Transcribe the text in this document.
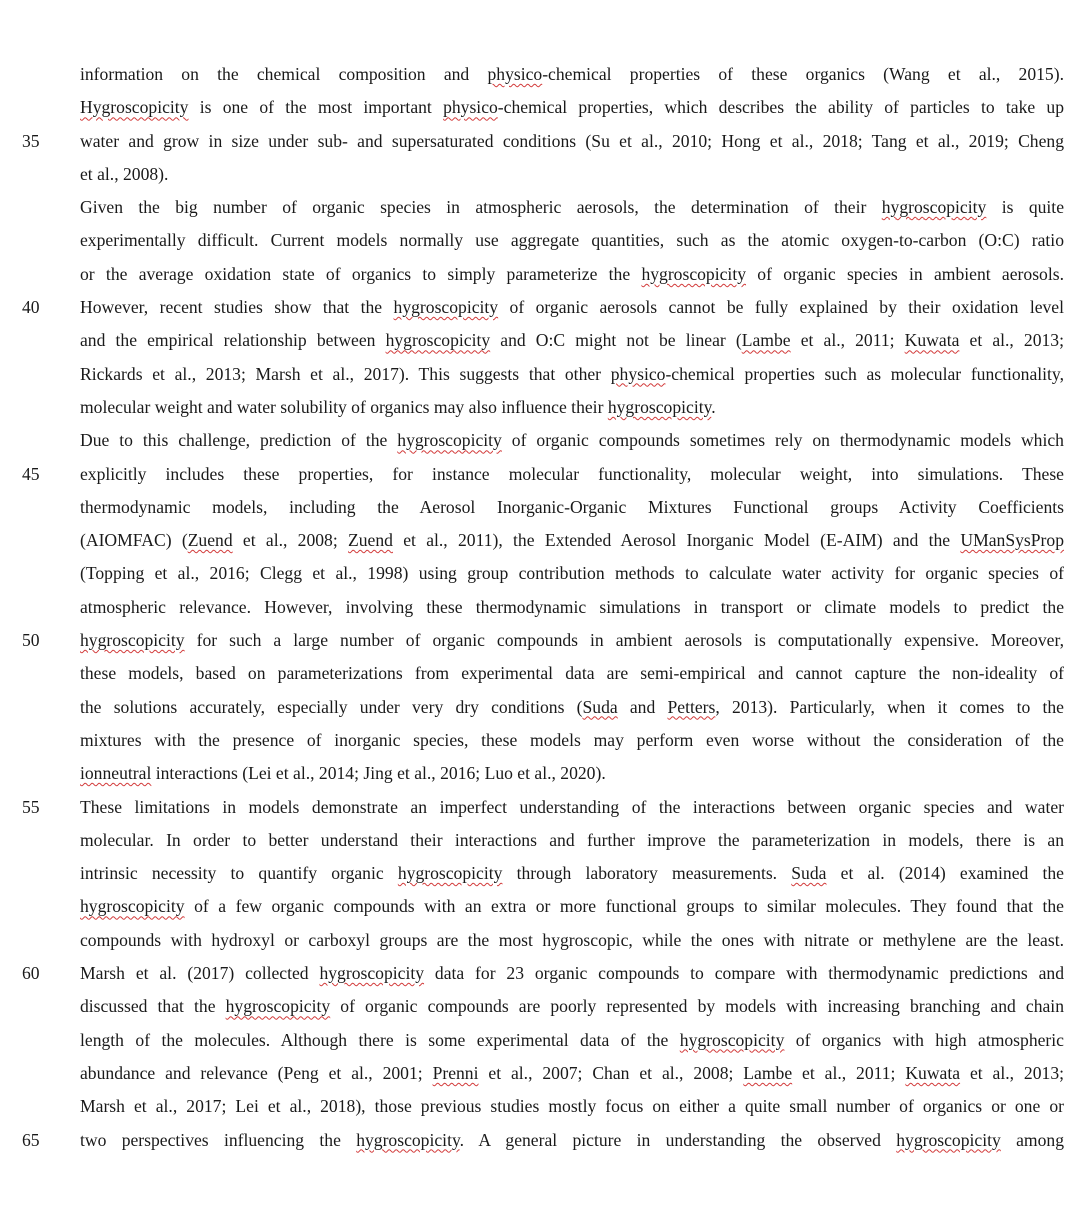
information on the chemical composition and physico-chemical properties of these organics (Wang et al., 2015).
Hygroscopicity is one of the most important physico-chemical properties, which describes the ability of particles to take up
35	water and grow in size under sub- and supersaturated conditions (Su et al., 2010; Hong et al., 2018; Tang et al., 2019; Cheng
et al., 2008).
Given the big number of organic species in atmospheric aerosols, the determination of their hygroscopicity is quite
experimentally difficult. Current models normally use aggregate quantities, such as the atomic oxygen-to-carbon (O:C) ratio
or the average oxidation state of organics to simply parameterize the hygroscopicity of organic species in ambient aerosols.
40	However, recent studies show that the hygroscopicity of organic aerosols cannot be fully explained by their oxidation level
and the empirical relationship between hygroscopicity and O:C might not be linear (Lambe et al., 2011; Kuwata et al., 2013;
Rickards et al., 2013; Marsh et al., 2017). This suggests that other physico-chemical properties such as molecular functionality,
molecular weight and water solubility of organics may also influence their hygroscopicity.
Due to this challenge, prediction of the hygroscopicity of organic compounds sometimes rely on thermodynamic models which
45	explicitly includes these properties, for instance molecular functionality, molecular weight, into simulations. These
thermodynamic models, including the Aerosol Inorganic-Organic Mixtures Functional groups Activity Coefficients
(AIOMFAC) (Zuend et al., 2008; Zuend et al., 2011), the Extended Aerosol Inorganic Model (E-AIM) and the UManSysProp
(Topping et al., 2016; Clegg et al., 1998) using group contribution methods to calculate water activity for organic species of
atmospheric relevance. However, involving these thermodynamic simulations in transport or climate models to predict the
50	hygroscopicity for such a large number of organic compounds in ambient aerosols is computationally expensive. Moreover,
these models, based on parameterizations from experimental data are semi-empirical and cannot capture the non-ideality of
the solutions accurately, especially under very dry conditions (Suda and Petters, 2013). Particularly, when it comes to the
mixtures with the presence of inorganic species, these models may perform even worse without the consideration of the
ionneutral interactions (Lei et al., 2014; Jing et al., 2016; Luo et al., 2020).
55	These limitations in models demonstrate an imperfect understanding of the interactions between organic species and water
molecular. In order to better understand their interactions and further improve the parameterization in models, there is an
intrinsic necessity to quantify organic hygroscopicity through laboratory measurements. Suda et al. (2014) examined the
hygroscopicity of a few organic compounds with an extra or more functional groups to similar molecules. They found that the
compounds with hydroxyl or carboxyl groups are the most hygroscopic, while the ones with nitrate or methylene are the least.
60	Marsh et al. (2017) collected hygroscopicity data for 23 organic compounds to compare with thermodynamic predictions and
discussed that the hygroscopicity of organic compounds are poorly represented by models with increasing branching and chain
length of the molecules. Although there is some experimental data of the hygroscopicity of organics with high atmospheric
abundance and relevance (Peng et al., 2001; Prenni et al., 2007; Chan et al., 2008; Lambe et al., 2011; Kuwata et al., 2013;
Marsh et al., 2017; Lei et al., 2018), those previous studies mostly focus on either a quite small number of organics or one or
65	two perspectives influencing the hygroscopicity. A general picture in understanding the observed hygroscopicity among
